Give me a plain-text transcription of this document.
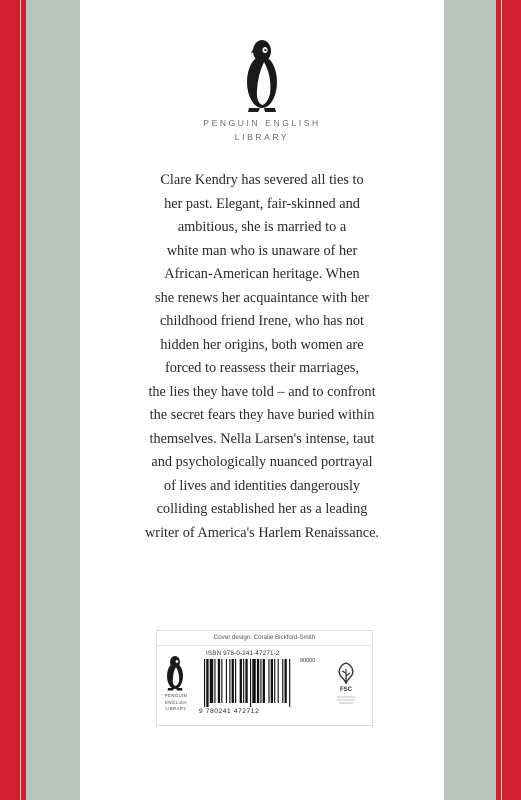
PENGUIN ENGLISH
LIBRARY
Clare Kendry has severed all ties to
her past. Elegant, fair-skinned and
ambitious, she is married to a
white man who is unaware of her
African-American heritage. When
she renews her acquaintance with her
childhood friend Irene, who has not
hidden her origins, both women are
forced to reassess their marriages,
the lies they have told – and to confront
the secret fears they have buried within
themselves. Nella Larsen's intense, taut
and psychologically nuanced portrayal
of lives and identities dangerously
colliding established her as a leading
writer of America's Harlem Renaissance.
Cover design: Coralie Bickford-Smith
PENGUIN
ENGLISH
LIBRARY
ISBN 978-0-241-47271-2
90000
9 780241 472712
FSC
